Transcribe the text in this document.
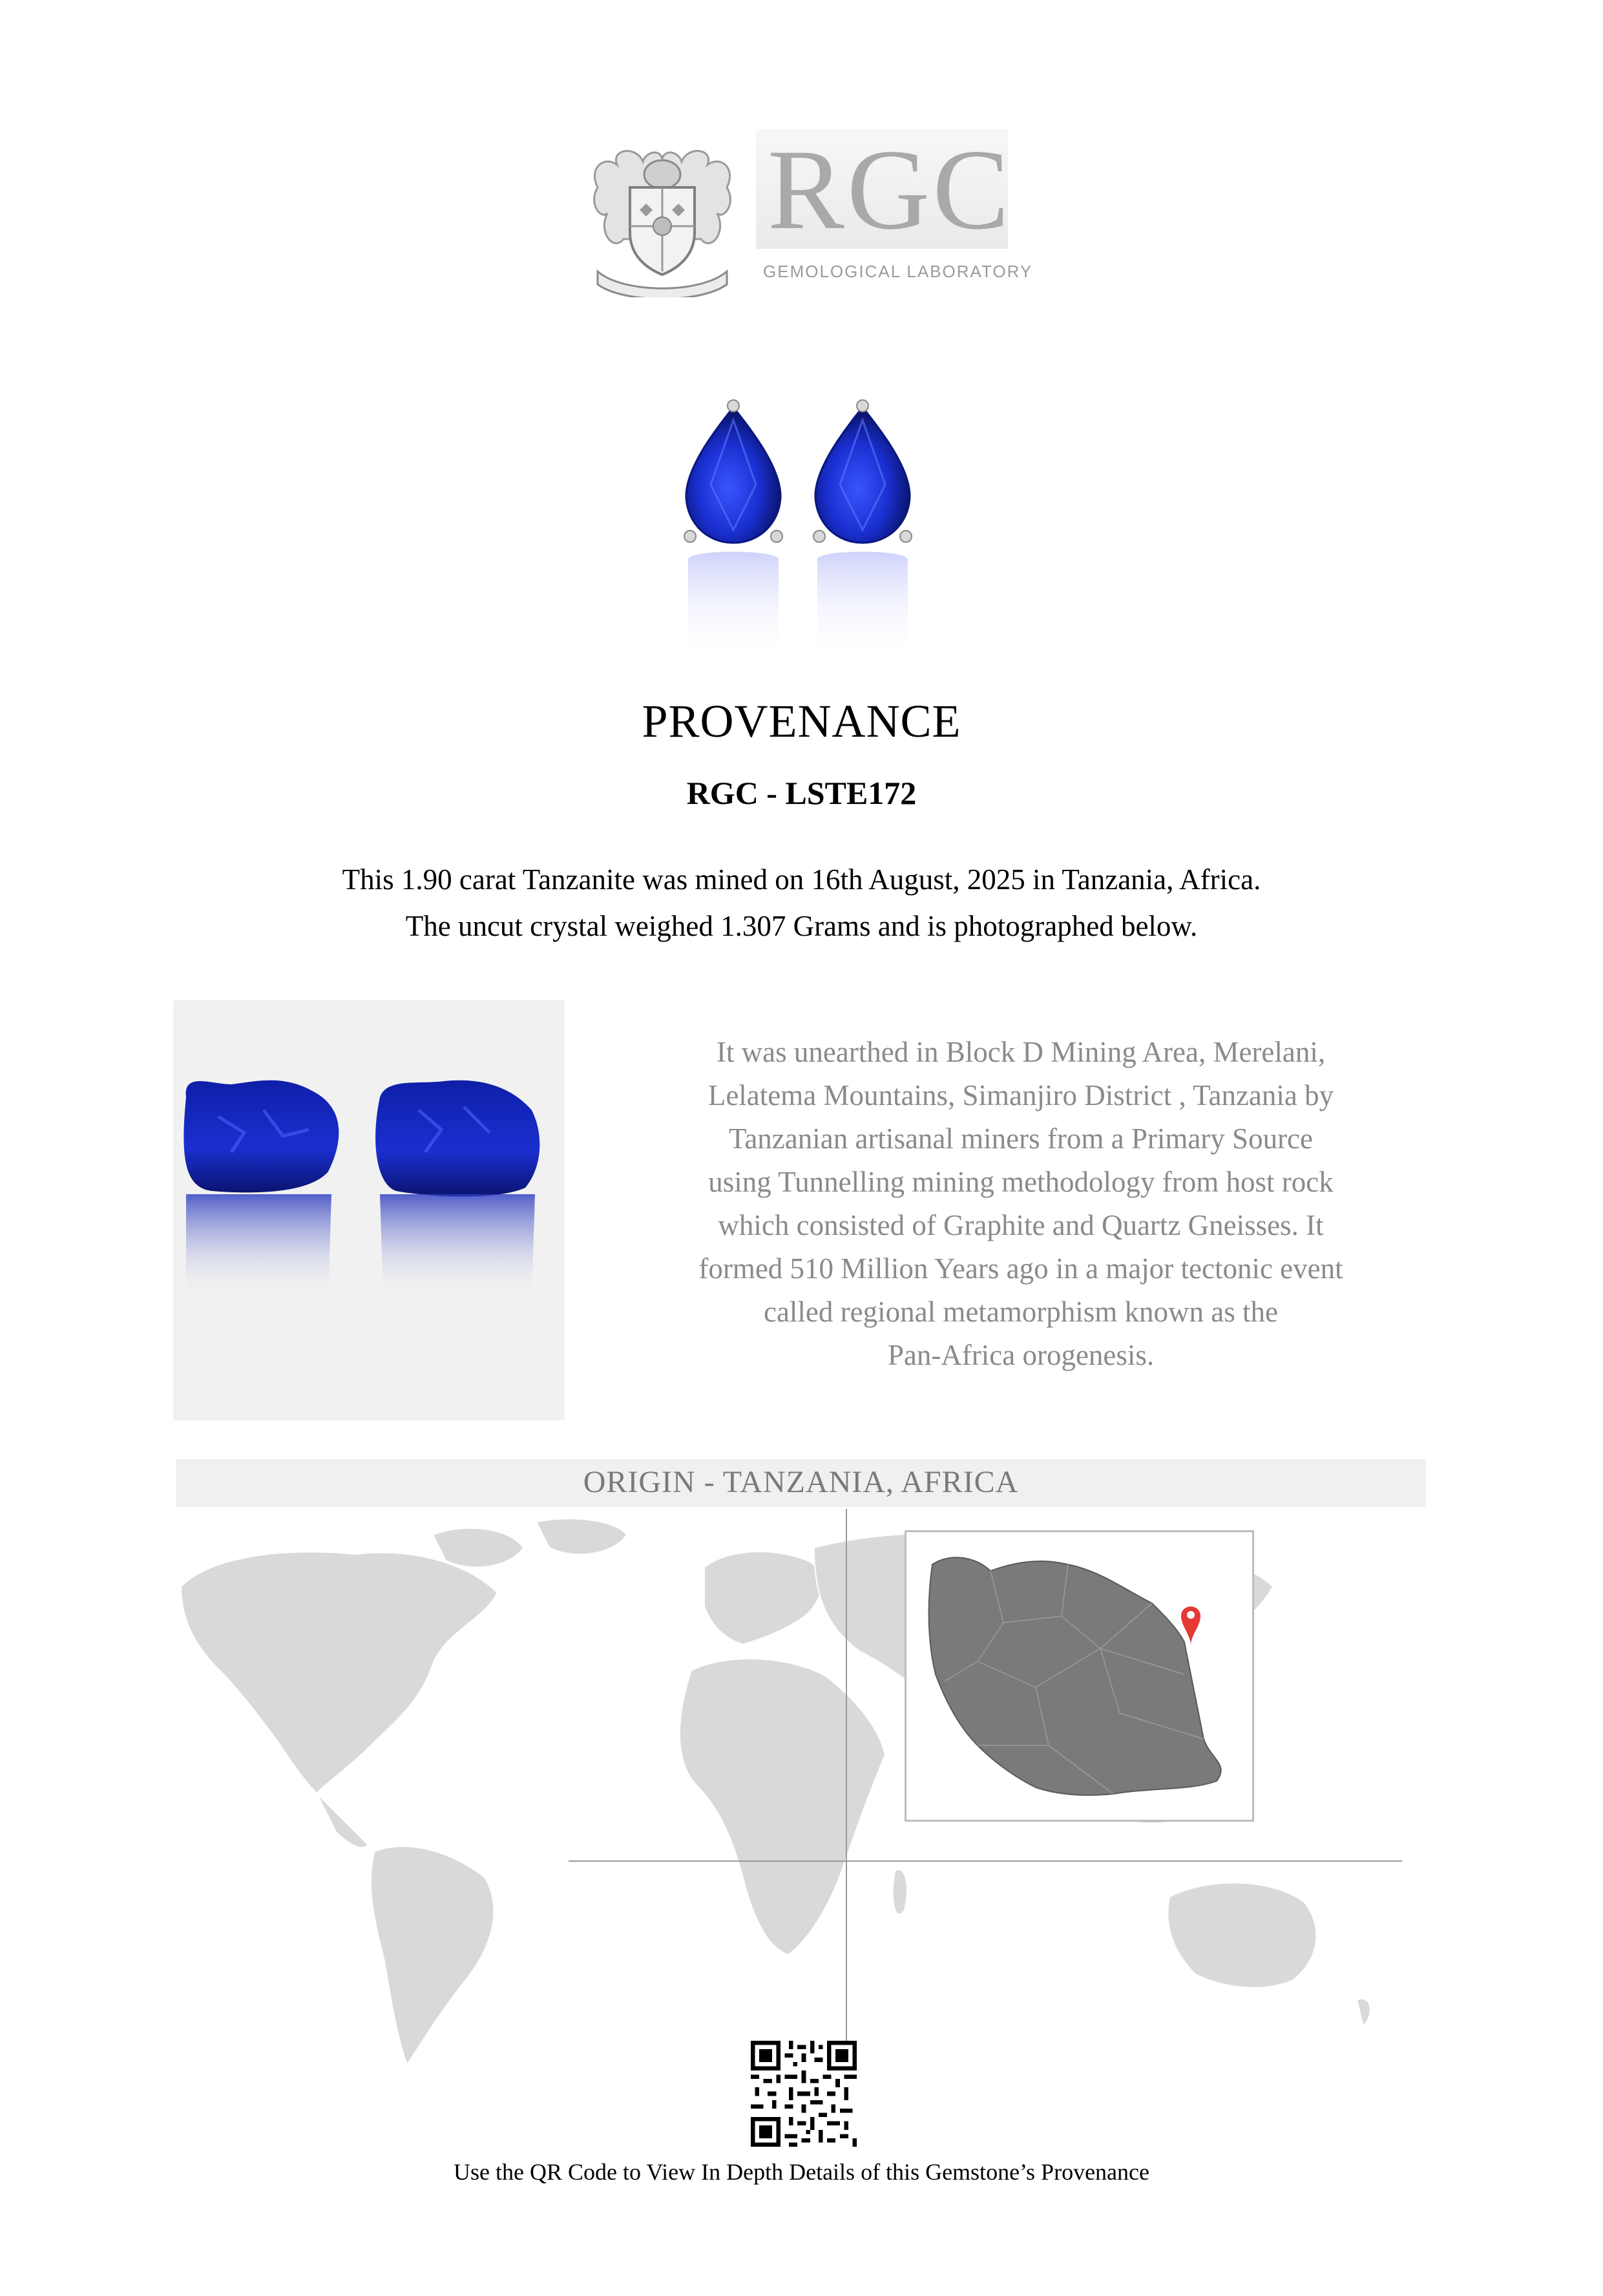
RGC
GEMOLOGICAL LABORATORY
PROVENANCE
RGC - LSTE172
This 1.90 carat Tanzanite was mined on 16th August, 2025 in Tanzania, Africa.
The uncut crystal weighed 1.307 Grams and is photographed below.
It was unearthed in Block D Mining Area, Merelani,
Lelatema Mountains, Simanjiro District , Tanzania by
Tanzanian artisanal miners from a Primary Source
using Tunnelling mining methodology from host rock
which consisted of Graphite and Quartz Gneisses. It
formed 510 Million Years ago in a major tectonic event
called regional metamorphism known as the
Pan-Africa orogenesis.
ORIGIN - TANZANIA, AFRICA
Use the QR Code to View In Depth Details of this Gemstone’s Provenance
